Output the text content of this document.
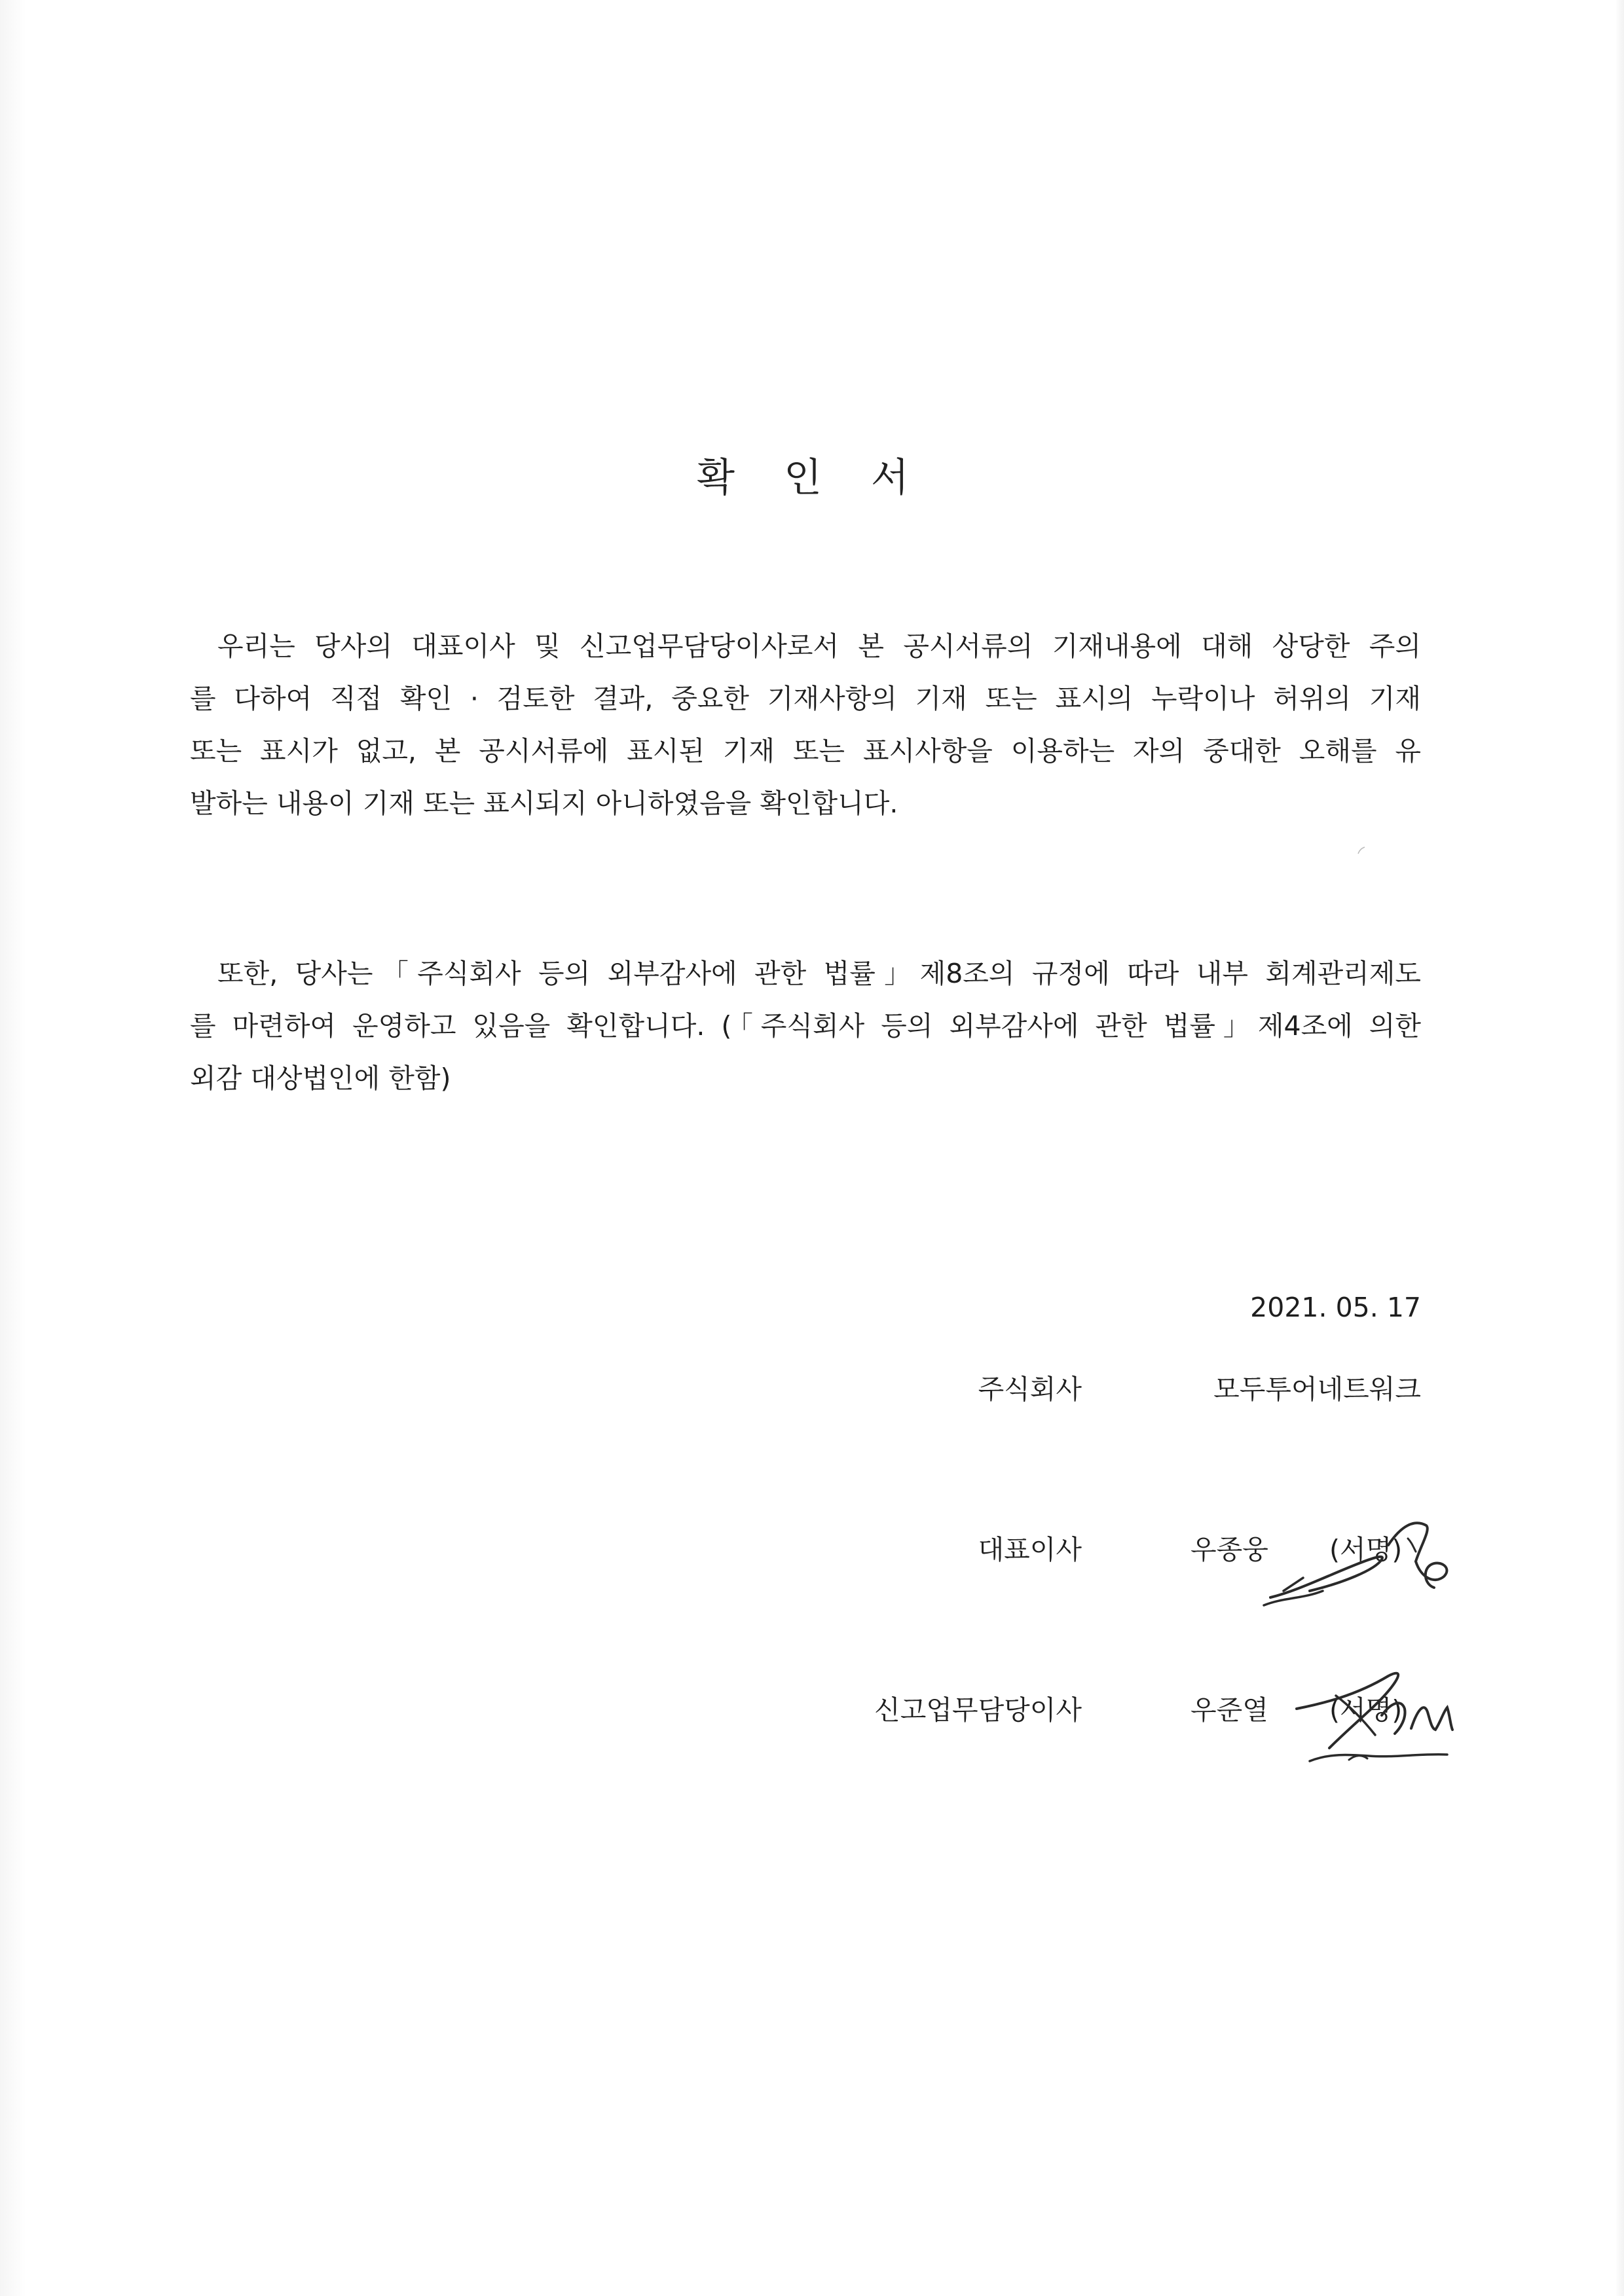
확 인 서
우리는 당사의 대표이사 및 신고업무담당이사로서 본 공시서류의 기재내용에 대해 상당한 주의
를 다하여 직접 확인 · 검토한 결과, 중요한 기재사항의 기재 또는 표시의 누락이나 허위의 기재
또는 표시가 없고, 본 공시서류에 표시된 기재 또는 표시사항을 이용하는 자의 중대한 오해를 유
발하는 내용이 기재 또는 표시되지 아니하였음을 확인합니다.
또한, 당사는「주식회사 등의 외부감사에 관한 법률」제8조의 규정에 따라 내부 회계관리제도
를 마련하여 운영하고 있음을 확인합니다. (「주식회사 등의 외부감사에 관한 법률」제4조에 의한
외감 대상법인에 한함)
2021. 05. 17
주식회사	모두투어네트워크
대표이사	우종웅 (서명)
신고업무담당이사	우준열 (서명)
